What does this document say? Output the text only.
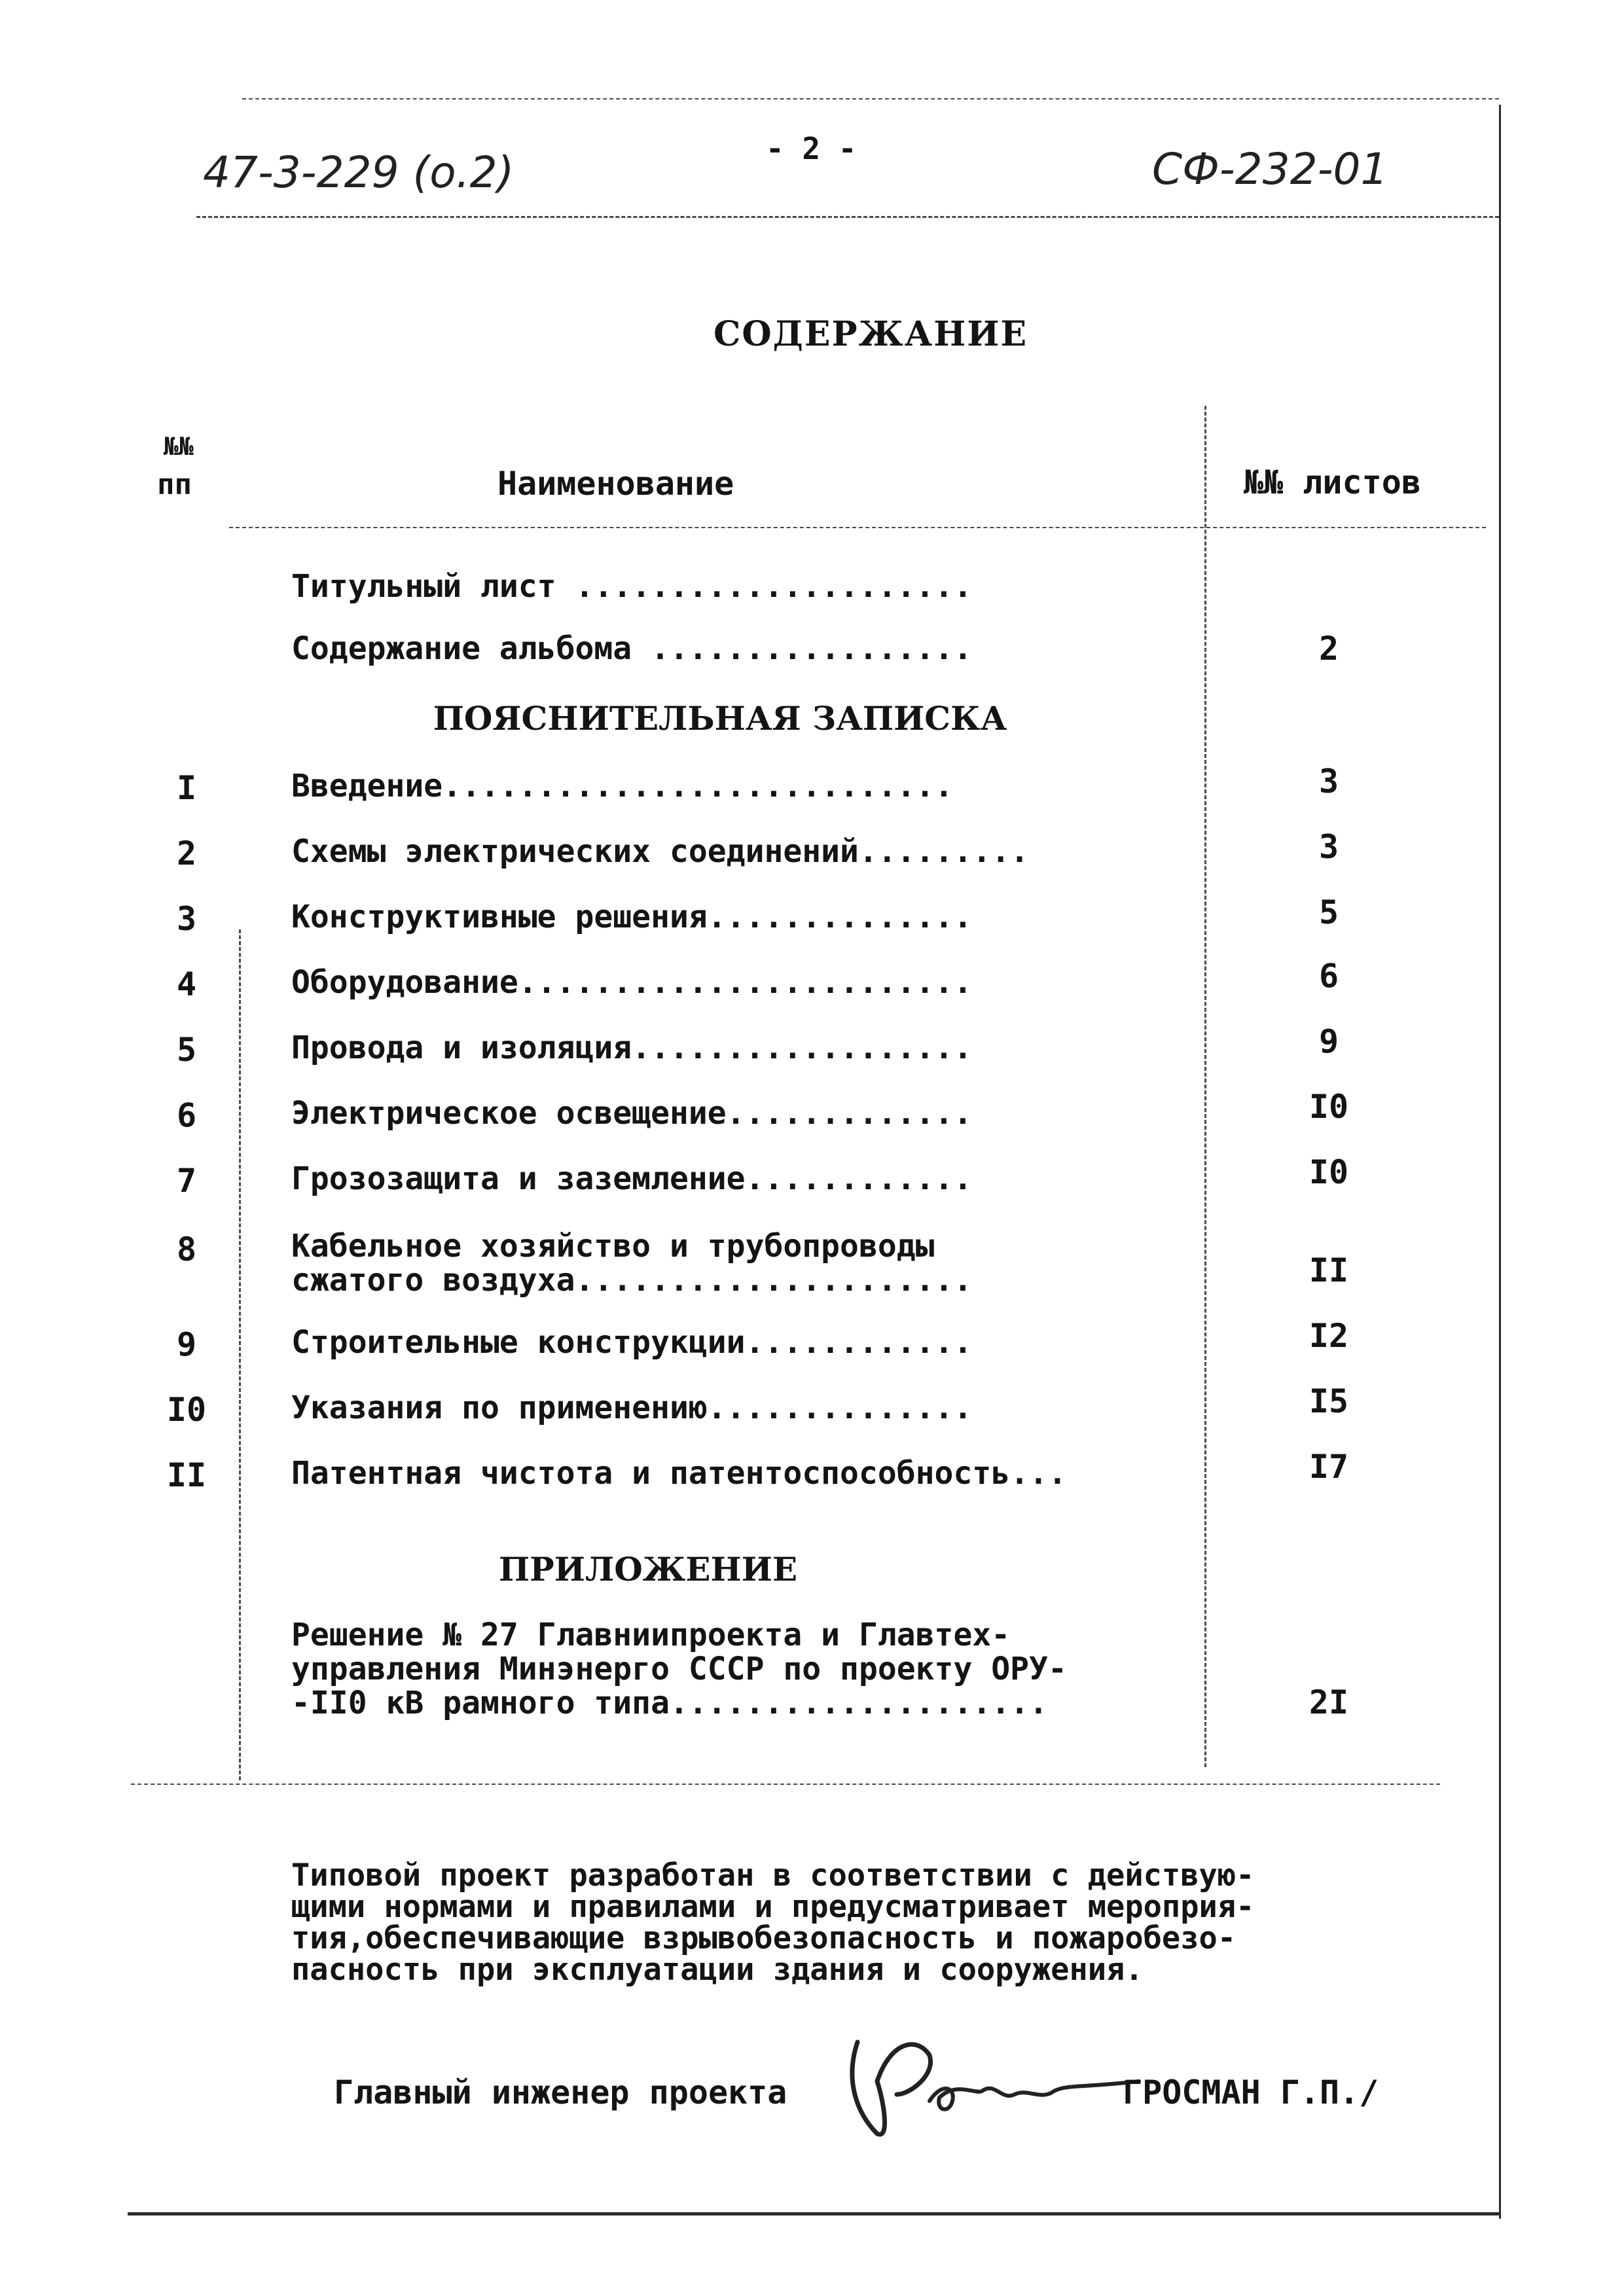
47-3-229 (o.2)	- 2 -	СФ-232-01
СОДЕРЖАНИЕ
№№
пп	Наименование	№№ листов
Титульный лист .....................
Содержание альбома .................	2
ПОЯСНИТЕЛЬНАЯ ЗАПИСКА
I	Введение...........................	3
2	Схемы электрических соединений.........	3
3	Конструктивные решения..............	5
4	Оборудование........................	6
5	Провода и изоляция..................	9
6	Электрическое освещение.............	I0
7	Грозозащита и заземление............	I0
8	Кабельное хозяйство и трубопроводы
сжатого воздуха.....................	II
9	Строительные конструкции............	I2
I0	Указания по применению..............	I5
II	Патентная чистота и патентоспособность...	I7
ПРИЛОЖЕНИЕ
Решение № 27 Главниипроекта и Главтех-
управления Минэнерго СССР по проекту ОРУ-
-II0 кВ рамного типа....................	2I
Типовой проект разработан в соответствии с действую-
щими нормами и правилами и предусматривает мероприя-
тия,обеспечивающие взрывобезопасность и пожаробезо-
пасность при эксплуатации здания и сооружения.
Главный инженер проекта	ГРОСМАН Г.П./
